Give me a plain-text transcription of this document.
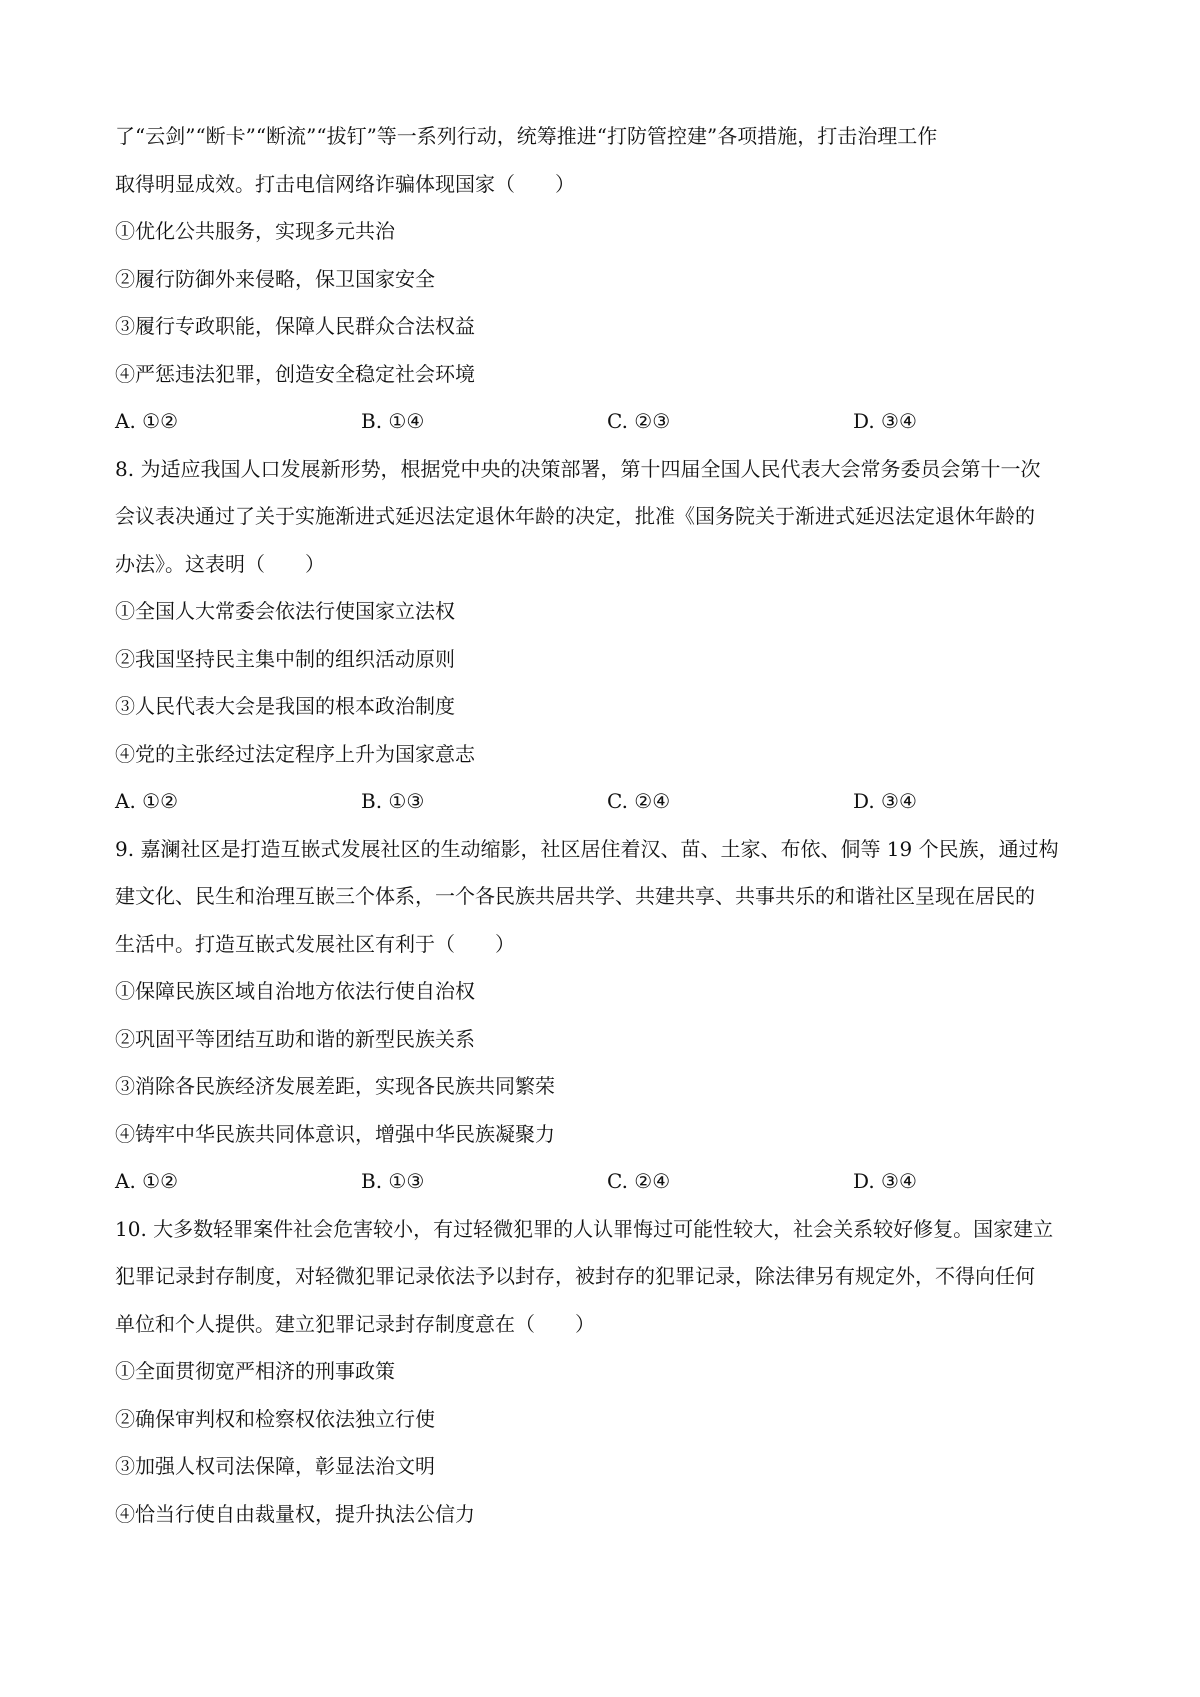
了“云剑”“断卡”“断流”“拔钉”等一系列行动，统筹推进“打防管控建”各项措施，打击治理工作
取得明显成效。打击电信网络诈骗体现国家（　　）
①优化公共服务，实现多元共治
②履行防御外来侵略，保卫国家安全
③履行专政职能，保障人民群众合法权益
④严惩违法犯罪，创造安全稳定社会环境
A. ①②	B. ①④	C. ②③	D. ③④
8. 为适应我国人口发展新形势，根据党中央的决策部署，第十四届全国人民代表大会常务委员会第十一次
会议表决通过了关于实施渐进式延迟法定退休年龄的决定，批准《国务院关于渐进式延迟法定退休年龄的
办法》。这表明（　　）
①全国人大常委会依法行使国家立法权
②我国坚持民主集中制的组织活动原则
③人民代表大会是我国的根本政治制度
④党的主张经过法定程序上升为国家意志
A. ①②	B. ①③	C. ②④	D. ③④
9. 嘉澜社区是打造互嵌式发展社区的生动缩影，社区居住着汉、苗、土家、布依、侗等 19 个民族，通过构
建文化、民生和治理互嵌三个体系，一个各民族共居共学、共建共享、共事共乐的和谐社区呈现在居民的
生活中。打造互嵌式发展社区有利于（　　）
①保障民族区域自治地方依法行使自治权
②巩固平等团结互助和谐的新型民族关系
③消除各民族经济发展差距，实现各民族共同繁荣
④铸牢中华民族共同体意识，增强中华民族凝聚力
A. ①②	B. ①③	C. ②④	D. ③④
10. 大多数轻罪案件社会危害较小，有过轻微犯罪的人认罪悔过可能性较大，社会关系较好修复。国家建立
犯罪记录封存制度，对轻微犯罪记录依法予以封存，被封存的犯罪记录，除法律另有规定外，不得向任何
单位和个人提供。建立犯罪记录封存制度意在（　　）
①全面贯彻宽严相济的刑事政策
②确保审判权和检察权依法独立行使
③加强人权司法保障，彰显法治文明
④恰当行使自由裁量权，提升执法公信力
